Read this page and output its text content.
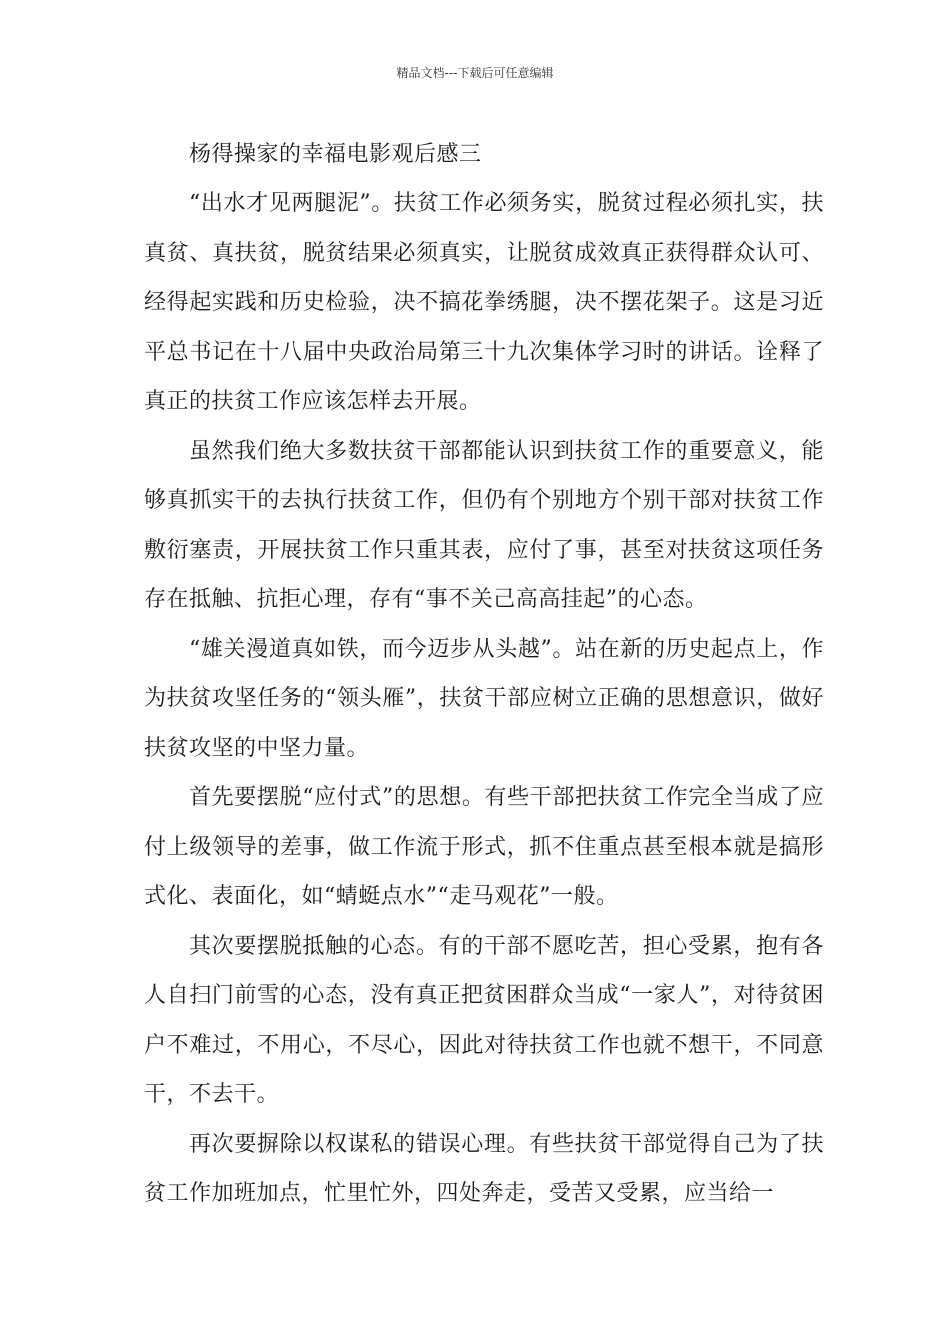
精品文档---下载后可任意编辑

杨得操家的幸福电影观后感三

“出水才见两腿泥”。扶贫工作必须务实，脱贫过程必须扎实，扶真贫、真扶贫，脱贫结果必须真实，让脱贫成效真正获得群众认可、经得起实践和历史检验，决不搞花拳绣腿，决不摆花架子。这是习近平总书记在十八届中央政治局第三十九次集体学习时的讲话。诠释了真正的扶贫工作应该怎样去开展。

虽然我们绝大多数扶贫干部都能认识到扶贫工作的重要意义，能够真抓实干的去执行扶贫工作，但仍有个别地方个别干部对扶贫工作敷衍塞责，开展扶贫工作只重其表，应付了事，甚至对扶贫这项任务存在抵触、抗拒心理，存有“事不关己高高挂起”的心态。

“雄关漫道真如铁，而今迈步从头越”。站在新的历史起点上，作为扶贫攻坚任务的“领头雁”，扶贫干部应树立正确的思想意识，做好扶贫攻坚的中坚力量。

首先要摆脱“应付式”的思想。有些干部把扶贫工作完全当成了应付上级领导的差事，做工作流于形式，抓不住重点甚至根本就是搞形式化、表面化，如“蜻蜓点水”“走马观花”一般。

其次要摆脱抵触的心态。有的干部不愿吃苦，担心受累，抱有各人自扫门前雪的心态，没有真正把贫困群众当成“一家人”，对待贫困户不难过，不用心，不尽心，因此对待扶贫工作也就不想干，不同意干，不去干。

再次要摒除以权谋私的错误心理。有些扶贫干部觉得自己为了扶贫工作加班加点，忙里忙外，四处奔走，受苦又受累，应当给一
